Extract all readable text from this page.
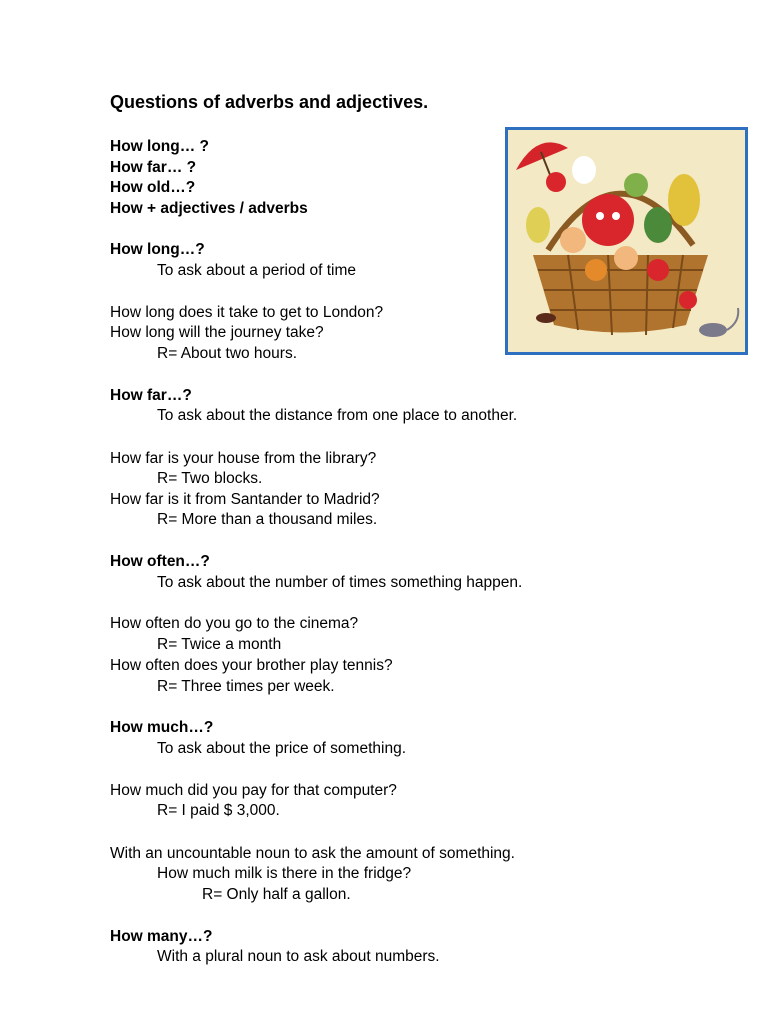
Questions of adverbs and adjectives.
How long… ?
How far… ?
How old…?
How + adjectives / adverbs
How long…?
To ask about a period of time
How long does it take to get to London?
How long will the journey take?
R= About two hours.
How far…?
To ask about the distance from one place to another.
How far is your house from the library?
R= Two blocks.
How far is it from Santander to Madrid?
R= More than a thousand miles.
How often…?
To ask about the number of times something happen.
How often do you go to the cinema?
R= Twice a month
How often does your brother play tennis?
R= Three times per week.
How much…?
To ask about the price of something.
How much did you pay for that computer?
R= I paid $ 3,000.
With an uncountable noun to ask the amount of something.
How much milk is there in the fridge?
R= Only half a gallon.
How many…?
With a plural noun to ask about numbers.
